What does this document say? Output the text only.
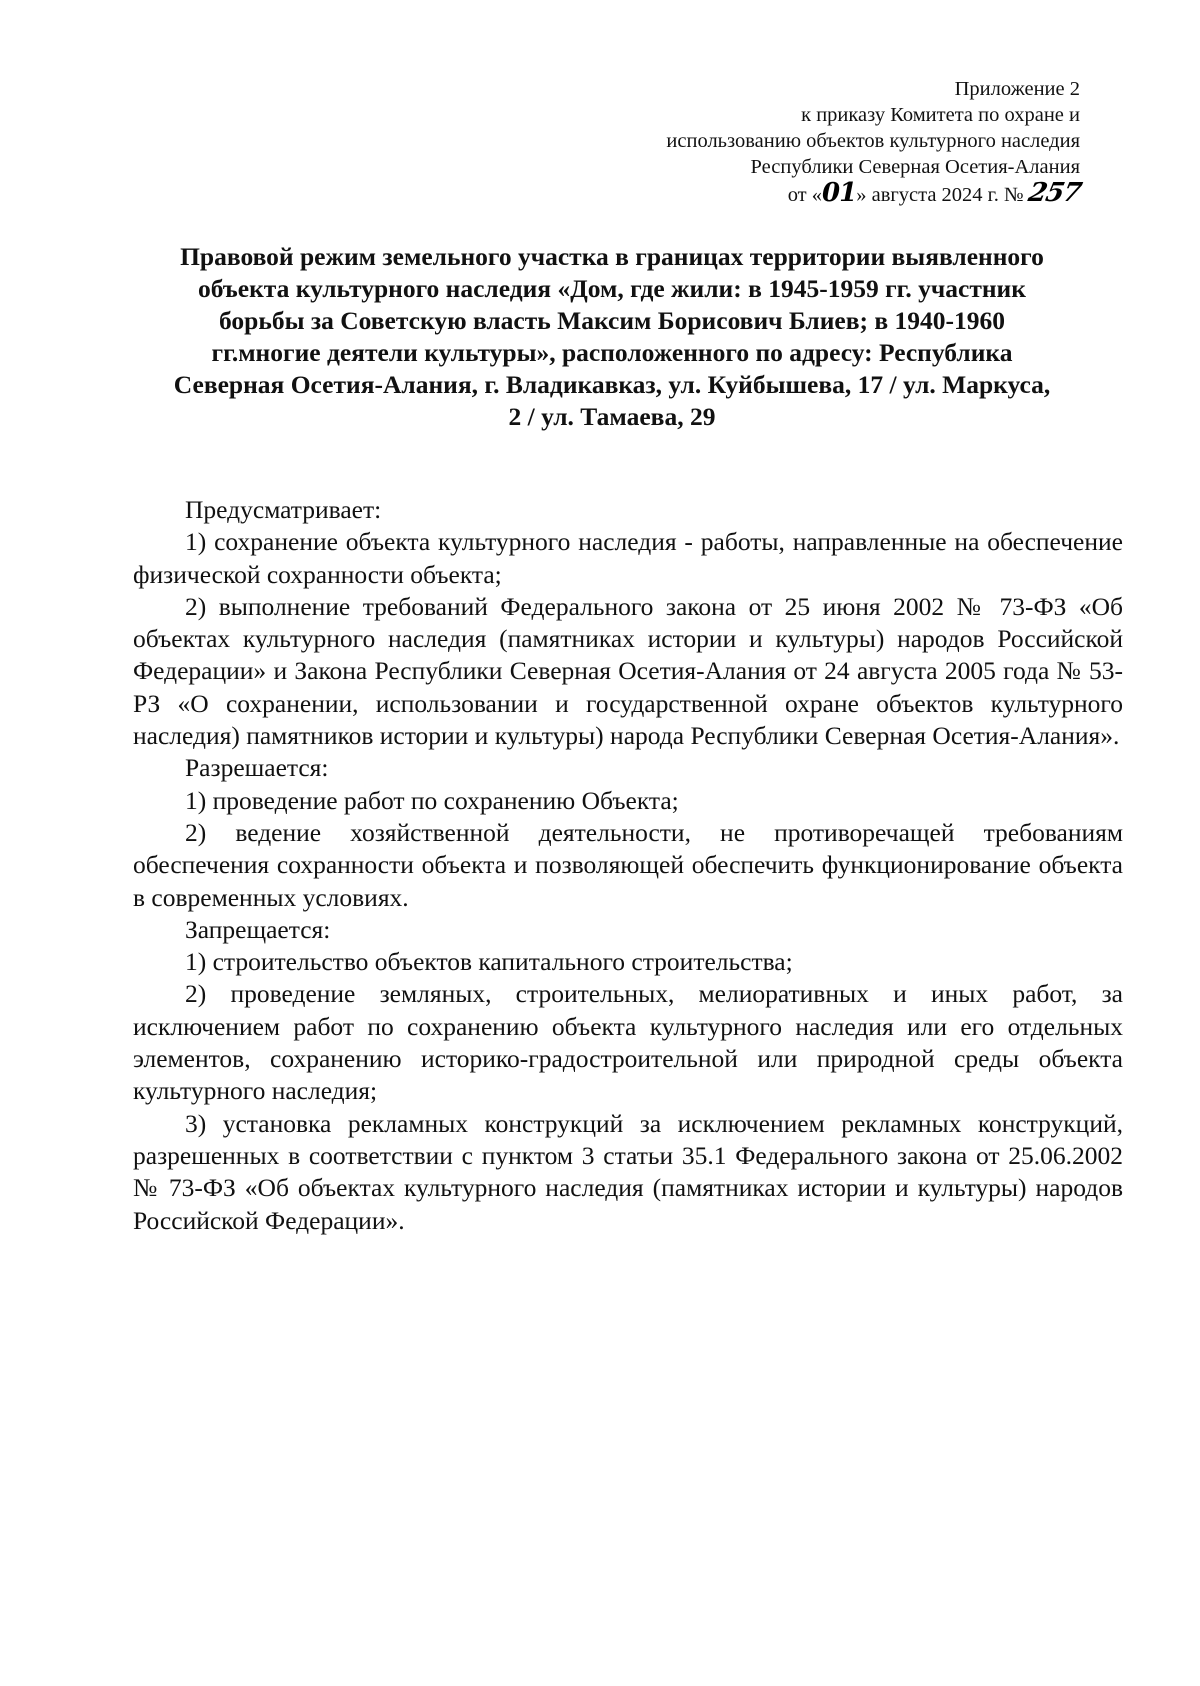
Приложение 2
к приказу Комитета по охране и
использованию объектов культурного наследия
Республики Северная Осетия-Алания
от «01» августа 2024 г. № 257
Правовой режим земельного участка в границах территории выявленного
объекта культурного наследия «Дом, где жили: в 1945-1959 гг. участник
борьбы за Советскую власть Максим Борисович Блиев; в 1940-1960
гг.многие деятели культуры», расположенного по адресу: Республика
Северная Осетия-Алания, г. Владикавказ, ул. Куйбышева, 17 / ул. Маркуса,
2 / ул. Тамаева, 29

Предусматривает:

1) сохранение объекта культурного наследия - работы, направленные на обеспечение физической сохранности объекта;

2) выполнение требований Федерального закона от 25 июня 2002 № 73-ФЗ «Об объектах культурного наследия (памятниках истории и культуры) народов Российской Федерации» и Закона Республики Северная Осетия-Алания от 24 августа 2005 года № 53-РЗ «О сохранении, использовании и государственной охране объектов культурного наследия) памятников истории и культуры) народа Республики Северная Осетия-Алания».

Разрешается:

1) проведение работ по сохранению Объекта;

2) ведение хозяйственной деятельности, не противоречащей требованиям обеспечения сохранности объекта и позволяющей обеспечить функционирование объекта в современных условиях.

Запрещается:

1) строительство объектов капитального строительства;

2) проведение земляных, строительных, мелиоративных и иных работ, за исключением работ по сохранению объекта культурного наследия или его отдельных элементов, сохранению историко-градостроительной или природной среды объекта культурного наследия;

3) установка рекламных конструкций за исключением рекламных конструкций, разрешенных в соответствии с пунктом 3 статьи 35.1 Федерального закона от 25.06.2002 № 73-ФЗ «Об объектах культурного наследия (памятниках истории и культуры) народов Российской Федерации».
